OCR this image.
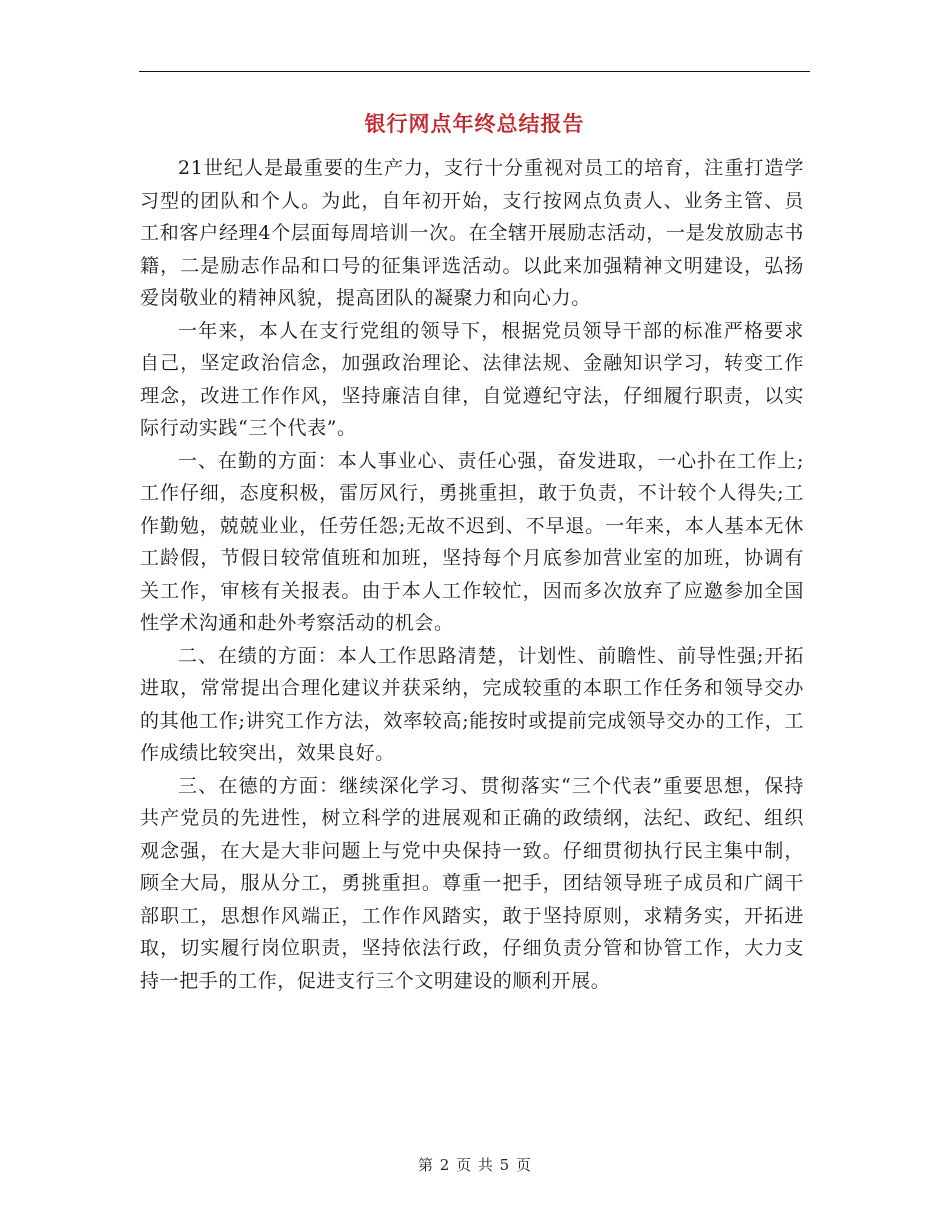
银行网点年终总结报告

21世纪人是最重要的生产力，支行十分重视对员工的培育，注重打造学习型的团队和个人。为此，自年初开始，支行按网点负责人、业务主管、员工和客户经理4个层面每周培训一次。在全辖开展励志活动，一是发放励志书籍，二是励志作品和口号的征集评选活动。以此来加强精神文明建设，弘扬爱岗敬业的精神风貌，提高团队的凝聚力和向心力。

一年来，本人在支行党组的领导下，根据党员领导干部的标准严格要求自己，坚定政治信念，加强政治理论、法律法规、金融知识学习，转变工作理念，改进工作作风，坚持廉洁自律，自觉遵纪守法，仔细履行职责，以实际行动实践“三个代表”。

一、在勤的方面：本人事业心、责任心强，奋发进取，一心扑在工作上;工作仔细，态度积极，雷厉风行，勇挑重担，敢于负责，不计较个人得失;工作勤勉，兢兢业业，任劳任怨;无故不迟到、不早退。一年来，本人基本无休工龄假，节假日较常值班和加班，坚持每个月底参加营业室的加班，协调有关工作，审核有关报表。由于本人工作较忙，因而多次放弃了应邀参加全国性学术沟通和赴外考察活动的机会。

二、在绩的方面：本人工作思路清楚，计划性、前瞻性、前导性强;开拓进取，常常提出合理化建议并获采纳，完成较重的本职工作任务和领导交办的其他工作;讲究工作方法，效率较高;能按时或提前完成领导交办的工作，工作成绩比较突出，效果良好。

三、在德的方面：继续深化学习、贯彻落实“三个代表”重要思想，保持共产党员的先进性，树立科学的进展观和正确的政绩纲，法纪、政纪、组织观念强，在大是大非问题上与党中央保持一致。仔细贯彻执行民主集中制，顾全大局，服从分工，勇挑重担。尊重一把手，团结领导班子成员和广阔干部职工，思想作风端正，工作作风踏实，敢于坚持原则，求精务实，开拓进取，切实履行岗位职责，坚持依法行政，仔细负责分管和协管工作，大力支持一把手的工作，促进支行三个文明建设的顺利开展。

第 2 页 共 5 页
